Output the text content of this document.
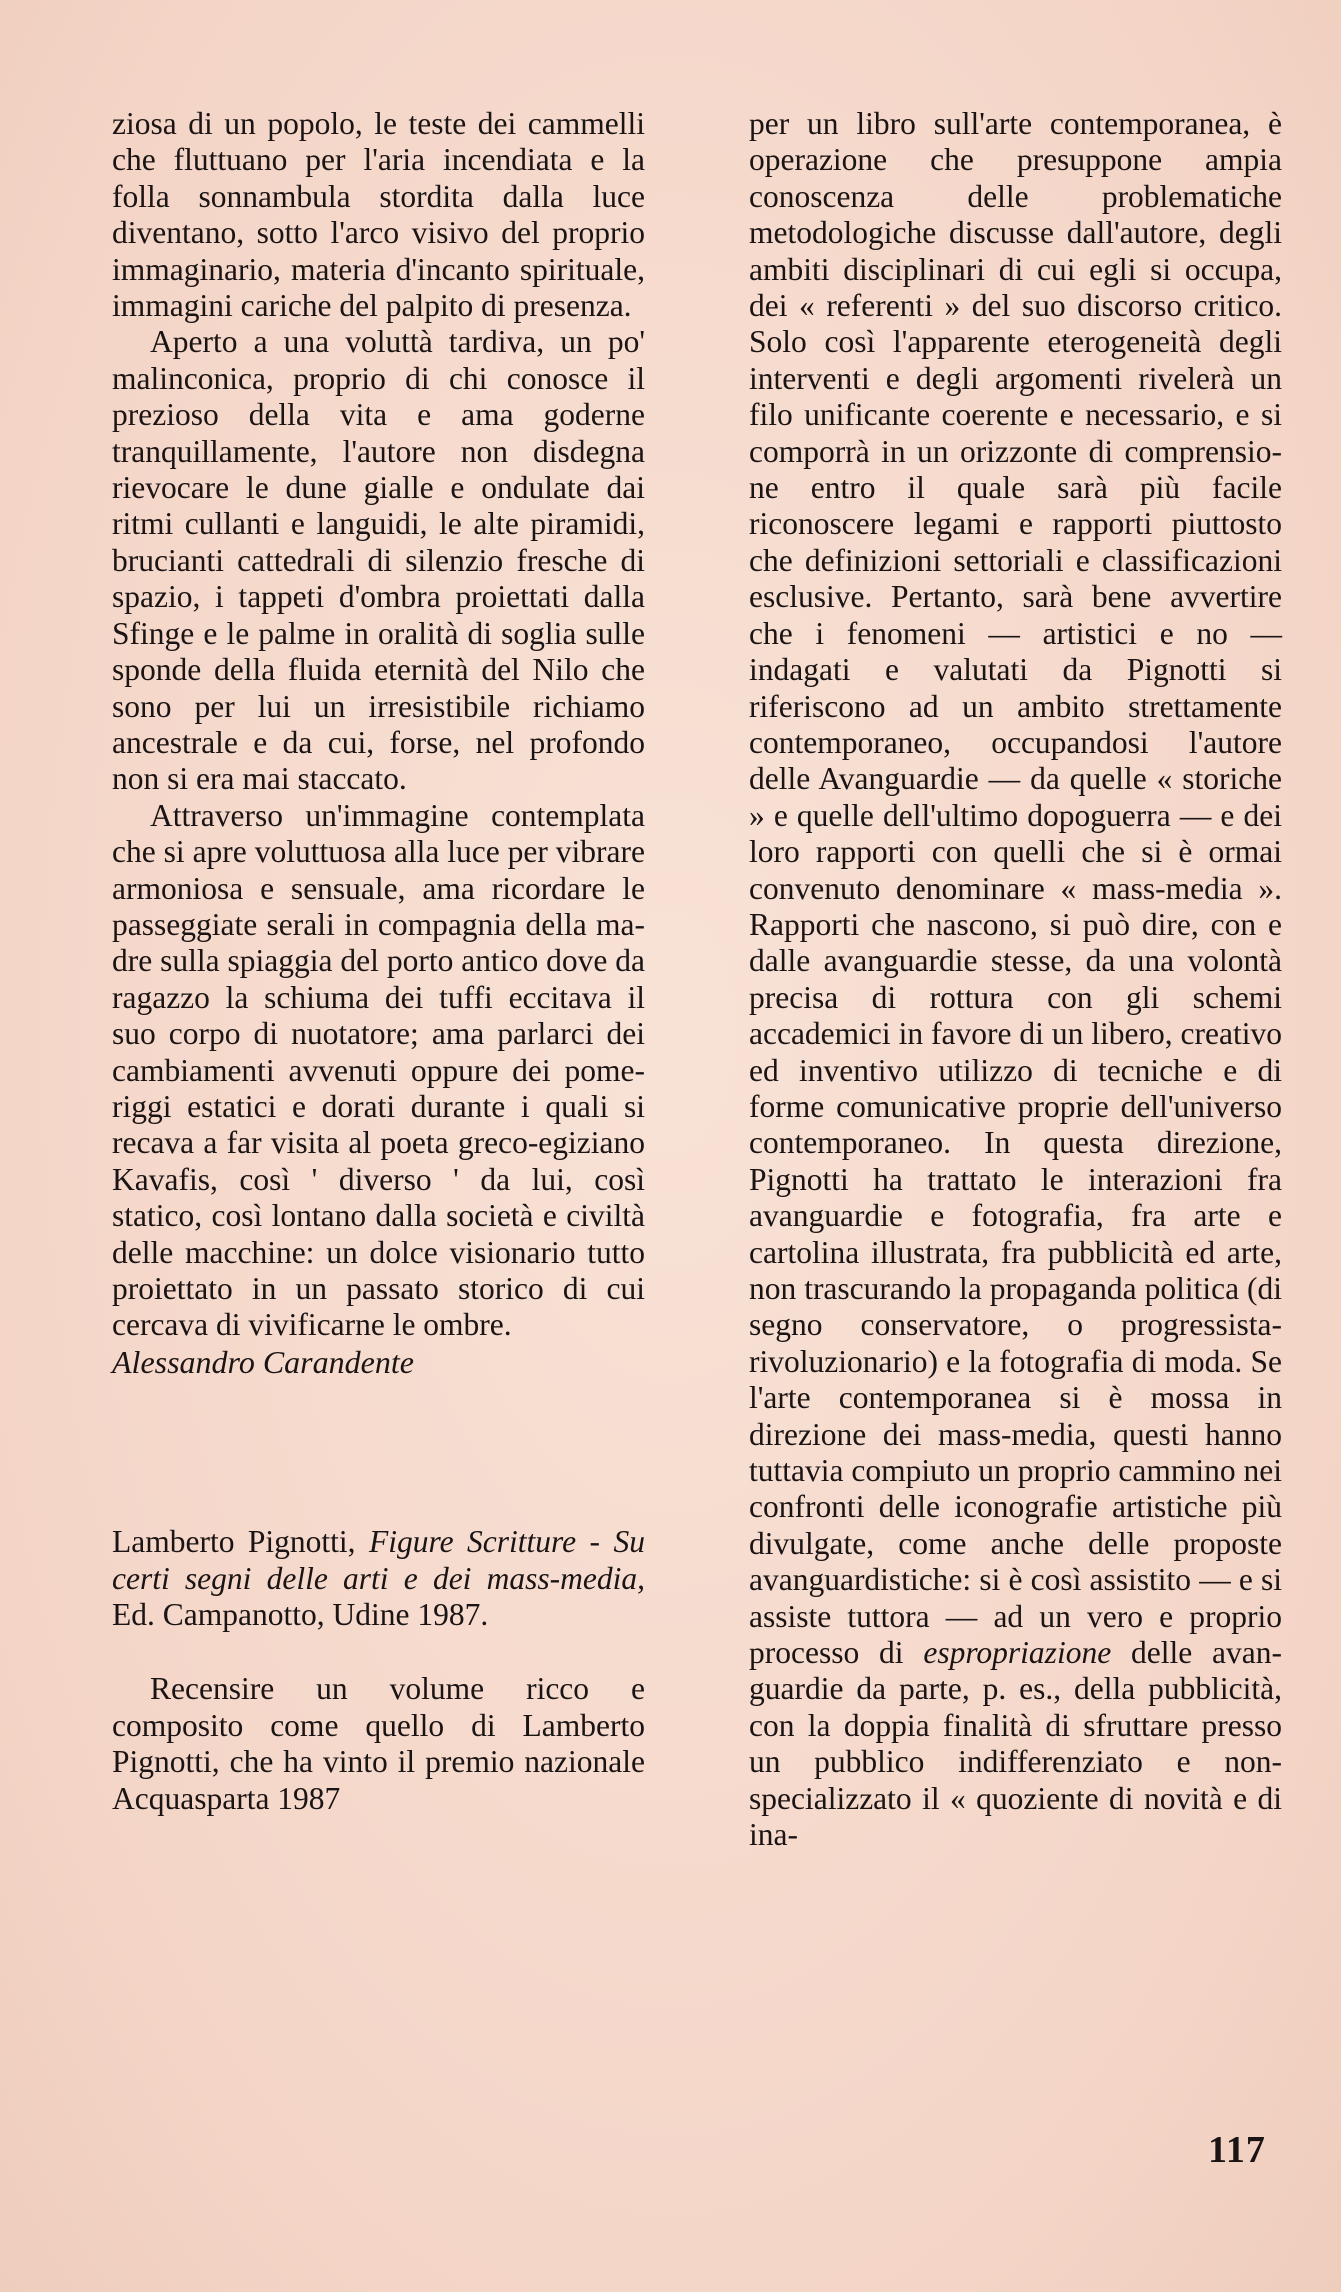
ziosa di un popolo, le teste dei cammelli che fluttuano per l'aria incendiata e la folla sonnambula stordita dalla luce diventano, sotto l'arco visivo del proprio immaginario, materia d'incanto spirituale, immagini cariche del palpito di presenza.

Aperto a una voluttà tardiva, un po' malinconica, proprio di chi conosce il prezioso della vita e ama goderne tranquillamente, l'autore non disdegna rievocare le dune gialle e ondulate dai ritmi cullanti e languidi, le alte piramidi, brucianti cattedrali di silenzio fresche di spazio, i tappeti d'ombra proiettati dalla Sfinge e le palme in oralità di soglia sulle sponde della fluida eternità del Nilo che sono per lui un irresistibile richiamo ancestrale e da cui, forse, nel profondo non si era mai staccato.

Attraverso un'immagine contemplata che si apre voluttuosa alla luce per vibrare armoniosa e sensuale, ama ricordare le passeggiate serali in compagnia della madre sulla spiaggia del porto antico dove da ragazzo la schiuma dei tuffi eccitava il suo corpo di nuotatore; ama parlarci dei cambiamenti avvenuti oppure dei pomeriggi estatici e dorati durante i quali si recava a far visita al poeta greco-egiziano Kavafis, così ' diverso ' da lui, così statico, così lontano dalla società e civiltà delle macchine: un dolce visionario tutto proiettato in un passato storico di cui cercava di vivificarne le ombre.

Alessandro Carandente

Lamberto Pignotti, Figure Scritture - Su certi segni delle arti e dei mass-media, Ed. Campanotto, Udine 1987.

Recensire un volume ricco e composito come quello di Lamberto Pignotti, che ha vinto il premio nazionale Acquasparta 1987

per un libro sull'arte contemporanea, è operazione che presuppone ampia conoscenza delle problematiche metodologiche discusse dall'autore, degli ambiti disciplinari di cui egli si occupa, dei « referenti » del suo discorso critico. Solo così l'apparente eterogeneità degli interventi e degli argomenti rivelerà un filo unificante coerente e necessario, e si comporrà in un orizzonte di comprensione entro il quale sarà più facile riconoscere legami e rapporti piuttosto che definizioni settoriali e classificazioni esclusive. Pertanto, sarà bene avvertire che i fenomeni — artistici e no — indagati e valutati da Pignotti si riferiscono ad un ambito strettamente contemporaneo, occupandosi l'autore delle Avanguardie — da quelle « storiche » e quelle dell'ultimo dopoguerra — e dei loro rapporti con quelli che si è ormai convenuto denominare « mass-media ». Rapporti che nascono, si può dire, con e dalle avanguardie stesse, da una volontà precisa di rottura con gli schemi accademici in favore di un libero, creativo ed inventivo utilizzo di tecniche e di forme comunicative proprie dell'universo contemporaneo. In questa direzione, Pignotti ha trattato le interazioni fra avanguardie e fotografia, fra arte e cartolina illustrata, fra pubblicità ed arte, non trascurando la propaganda politica (di segno conservatore, o progressista-rivoluzionario) e la fotografia di moda. Se l'arte contemporanea si è mossa in direzione dei mass-media, questi hanno tuttavia compiuto un proprio cammino nei confronti delle iconografie artistiche più divulgate, come anche delle proposte avanguardistiche: si è così assistito — e si assiste tuttora — ad un vero e proprio processo di espropriazione delle avanguardie da parte, p. es., della pubblicità, con la doppia finalità di sfruttare presso un pubblico indifferenziato e non-specializzato il « quoziente di novità e di ina-

117
